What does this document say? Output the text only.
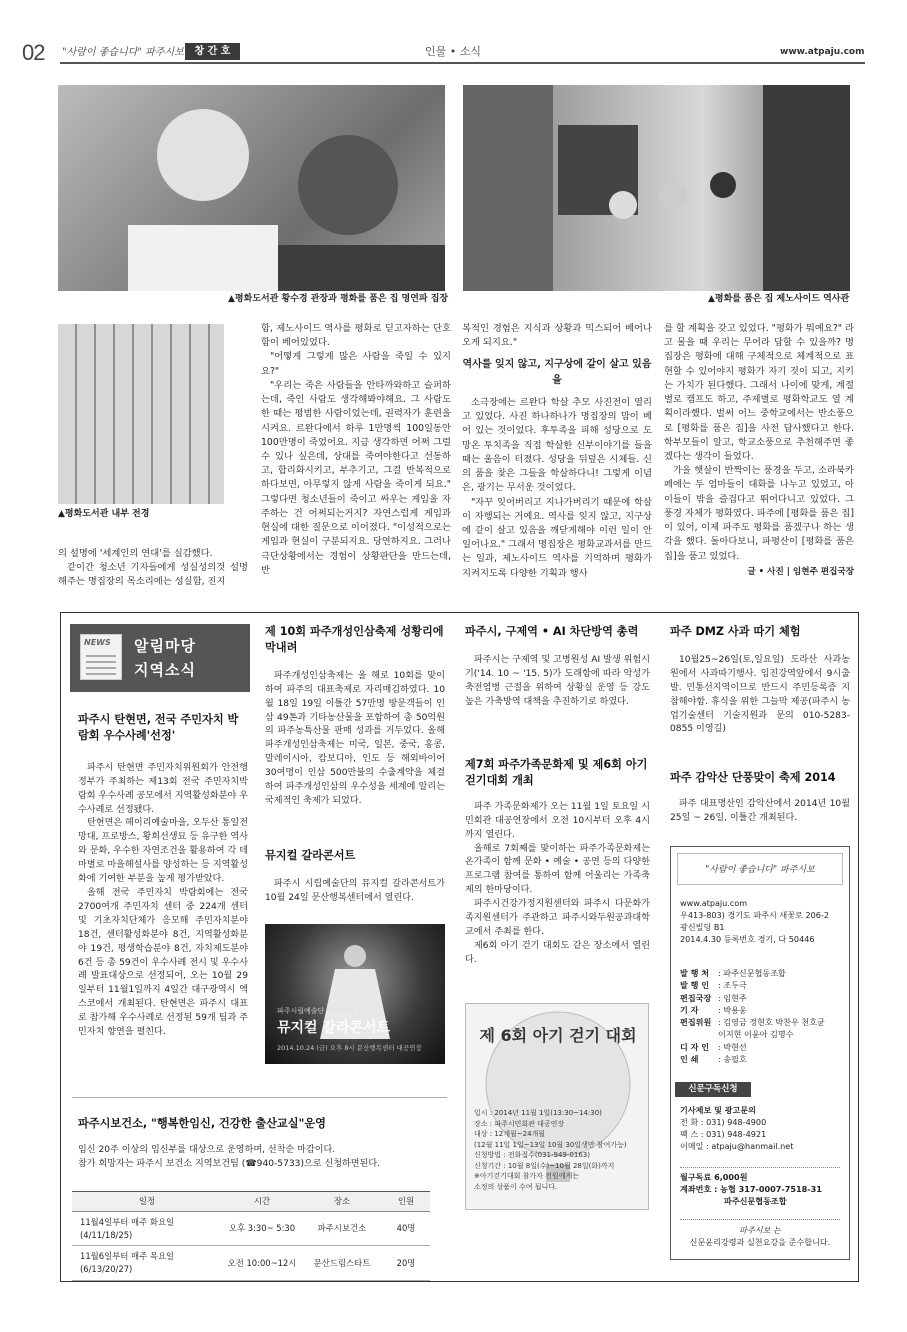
02 "사람이 좋습니다" 파주시보	창 간 호	인물 • 소식	www.atpaju.com
▲평화도서관 황수경 관장과 평화를 품은 집 명연파 집장	▲평화를 품은 집 제노사이드 역사관
▲평화도서관 내부 전경

의 설명에 '세계인의 연대'를 실감했다.

같이간 청소년 기자들에게 성실성의것 설명해주는 명집장의 목소리에는 성실함, 진지

함, 제노사이드 역사를 평화로 딛고자하는 단호함이 베어있었다.

"어떻게 그렇게 많은 사람을 죽일 수 있지요?"

"우리는 죽은 사람들을 안타까와하고 슬퍼하는데, 죽인 사람도 생각해봐야해요. 그 사람도 한 때는 평범한 사람이었는데, 권력자가 훈련을 시켜요. 르완다에서 하루 1만명씩 100일동안 100만명이 죽었어요. 지금 생각하면 어쩌 그럴 수 있나 싶은데, 상대를 죽여야한다고 선동하고, 합리화시키고, 부추기고, 그걸 반복적으로 하다보면, 아무렇지 않게 사람을 죽이게 되요." 그렇다면 청소년들이 죽이고 싸우는 게임을 자주하는 건 어쩌되는거지? 자연스럽게 게임과 현실에 대한 질문으로 이어졌다. "이성적으로는 게임과 현실이 구분되지요. 당연하지요. 그러나 극단상황에서는 경험이 상황판단을 만드는데, 반

복적인 경험은 지식과 상황과 믹스되어 베어나오게 되지요."

역사를 잊지 않고, 지구상에 같이 살고 있음을

소극장에는 르완다 학살 추모 사진전이 열리고 있었다. 사진 하나하나가 명집장의 맘이 베어 있는 것이었다. 후투족을 피해 성당으로 도망온 투치족을 직접 학살한 신부이야기를 들을 때는 울음이 터졌다. 성당을 뒤덮은 시체들. 신의 품을 찾은 그들을 학살하다니! 그렇게 이념은, 광기는 무서운 것이었다.

"자꾸 잊어버리고 지나가버리기 때문에 학살이 자행되는 거예요. 역사를 잊지 않고, 지구상에 같이 살고 있음을 깨닫게해야 이런 일이 안일어나요." 그래서 명집장은 평화교과서를 만드는 일과, 제노사이드 역사를 기억하며 평화가 지켜지도록 다양한 기획과 행사

를 할 계획을 갖고 있었다. "평화가 뭐예요?" 라고 물을 때 우리는 무어라 답할 수 있을까? 명집장은 평화에 대해 구체적으로 체계적으로 표현할 수 있어야지 평화가 자기 것이 되고, 지키는 가치가 된다했다. 그래서 나이에 맞게, 계절별로 캠프도 하고, 주제별로 평화학교도 열 계획이라했다. 벌써 어느 중학교에서는 반소풍으로 [평화를 품은 집]을 사전 답사했다고 한다. 학부모들이 알고, 학교소풍으로 추천해주면 좋겠다는 생각이 들었다.

가을 햇살이 반짝이는 풍경을 두고, 소라북카페에는 두 엄마들이 대화를 나누고 있었고, 아이들이 밖을 즐겁다고 뛰어다니고 있었다. 그 풍경 자체가 평화였다. 파주에 [평화를 품은 집]이 있어, 이제 파주도 평화를 품겠구나 하는 생각을 했다. 돌아다보니, 파평산이 [평화를 품은 집]을 품고 있었다.

글 • 사진 | 임현주 편집국장
NEWS	알림마당
지역소식
파주시 탄현면, 전국 주민자치 박람회 우수사례'선정'

파주시 탄현면 주민자치위원회가 안전행정부가 주최하는 제13회 전국 주민자치박람회 우수사례 공모에서 지역활성화분야 우수사례로 선정됐다.

탄현면은 헤이리예술마을, 오두산 통일전망대, 프로방스, 황희선생묘 등 유구한 역사와 문화, 우수한 자연조건을 활용하여 각 테마별로 마을해설사를 양성하는 등 지역활성화에 기여한 부분을 높게 평가받았다.

올해 전국 주민자치 박람회에는 전국 2700여개 주민자치 센터 중 224개 센터 및 기초자치단체가 응모해 주민자치분야 18건, 센터활성화분야 8건, 지역활성화분야 19건, 평생학습분야 8건, 자치제도분야 6건 등 총 59건이 우수사례 전시 및 우수사례 발표대상으로 선정되어, 오는 10월 29일부터 11월1일까지 4일간 대구광역시 엑스코에서 개최된다. 탄현면은 파주시 대표로 참가해 우수사례로 선정된 59개 팀과 주민자치 향연을 펼친다.

제 10회 파주개성인삼축제 성황리에 막내려

파주개성인삼축제는 올 해로 10회를 맞이하여 파주의 대표축제로 자리매김하였다. 10월 18일 19일 이틀간 57만명 방문객들이 인삼 49톤과 기타농산물을 포함하여 총 50억원의 파주농특산물 판매 성과를 거두었다. 올해 파주개성인삼축제는 미국, 일본, 중국, 홍콩, 말레이시아, 캄보디아, 인도 등 해외바이어 30여명이 인삼 500만불의 수출계약을 체결하여 파주개성인삼의 우수성을 세계에 알리는 국제적인 축제가 되었다.

뮤지컬 갈라콘서트

파주시 시립예술단의 뮤지컬 갈라콘서트가 10월 24일 문산행복센터에서 열린다.

파주시립예술단 정기공연
뮤지컬 갈라콘서트
2014.10.24 (금) 오후 8시 문산행복센터 대공연장
파주시, 구제역 • AI 차단방역 총력

파주시는 구제역 및 고병원성 AI 발생 위험시기('14. 10 ~ '15. 5)가 도래함에 따라 악성가축전염병 근절을 위하여 상황실 운영 등 강도 높은 가축방역 대책을 추진하기로 하였다.

제7회 파주가족문화제 및 제6회 아기걷기대회 개최

파주 가족문화제가 오는 11월 1일 토요일 시민회관 대공연장에서 오전 10시부터 오후 4시까지 열린다.

올해로 7회째를 맞이하는 파주가족문화제는 온가족이 함께 문화 • 예술 • 공연 등의 다양한 프로그램 참여를 통하여 함께 어울리는 가족축제의 한마당이다.

파주시건강가정지원센터와 파주시 다문화가족지원센터가 주관하고 파주시와두원공과대학교에서 주최를 한다.

제6회 아기 걷기 대회도 같은 장소에서 열린다.

제 6회 아기 걷기 대회
일시 : 2014년 11월 1일(13:30~14:30)
장소 : 파주시민회관 대공연장
대상 : 12개월~24개월
(12월 11일 1일~13일 10월 30일생만 참여가능)
신청방법 : 전화접수(031-949-0163)
신청기간 : 10월 8일(수)~10월 28일(화)까지
※아기걷기대회 참가자 전원에게는
소정의 상품이 수여 됩니다.
파주 DMZ 사과 따기 체험

10월25~26일(토,일요일) 도라산 사과농원에서 사과따기행사. 임진강역앞에서 9시출발. 민통선지역이므로 반드시 주민등록증 지참해야함. 휴식을 위한 그늘막 제공(파주시 농업기술센터 기술지원과 문의 010-5283-0855 이영길)

파주 감악산 단풍맞이 축제 2014

파주 대표명산인 감악산에서 2014년 10월 25일 ~ 26일, 이틀간 개최된다.

"사람이 좋습니다" 파주시보
www.atpaju.com
우413-803) 경기도 파주시 새꽃로 206-2
광신빌딩 B1
2014.4.30 등록번호 경기, 다 50446
발 행 처 : 파주신문협동조합
발 행 인 : 조두극
편집국장 : 임현주
기 자 : 박용웅
편집위원 : 김영금 정현호 박찬우 천호균
이지현 이윤아 김명수
디 자 인 : 박현선
인 쇄 : 송필호
신문구독신청
기사제보 및 광고문의
전 화 : 031) 948-4900
팩 스 : 031) 948-4921
이메일 : atpaju@hanmail.net
월구독료 6,000원
계좌번호 : 농협 317-0007-7518-31
파주신문협동조합
파주시보 는
신문윤리강령과 실천요강을 준수합니다.
파주시보건소, "행복한임신, 건강한 출산교실"운영
임신 20주 이상의 임신부를 대상으로 운영하며, 선착순 마감이다.
참가 희망자는 파주시 보건소 지역보건팀 (☎940-5733)으로 신청하면된다.
일정	시간	장소	인원
11월4일부터 매주 화요일 (4/11/18/25)	오후 3:30~ 5:30	파주시보건소	40명
11월6일부터 매주 목요일 (6/13/20/27)	오전 10:00~12시	문산드림스타트	20명
